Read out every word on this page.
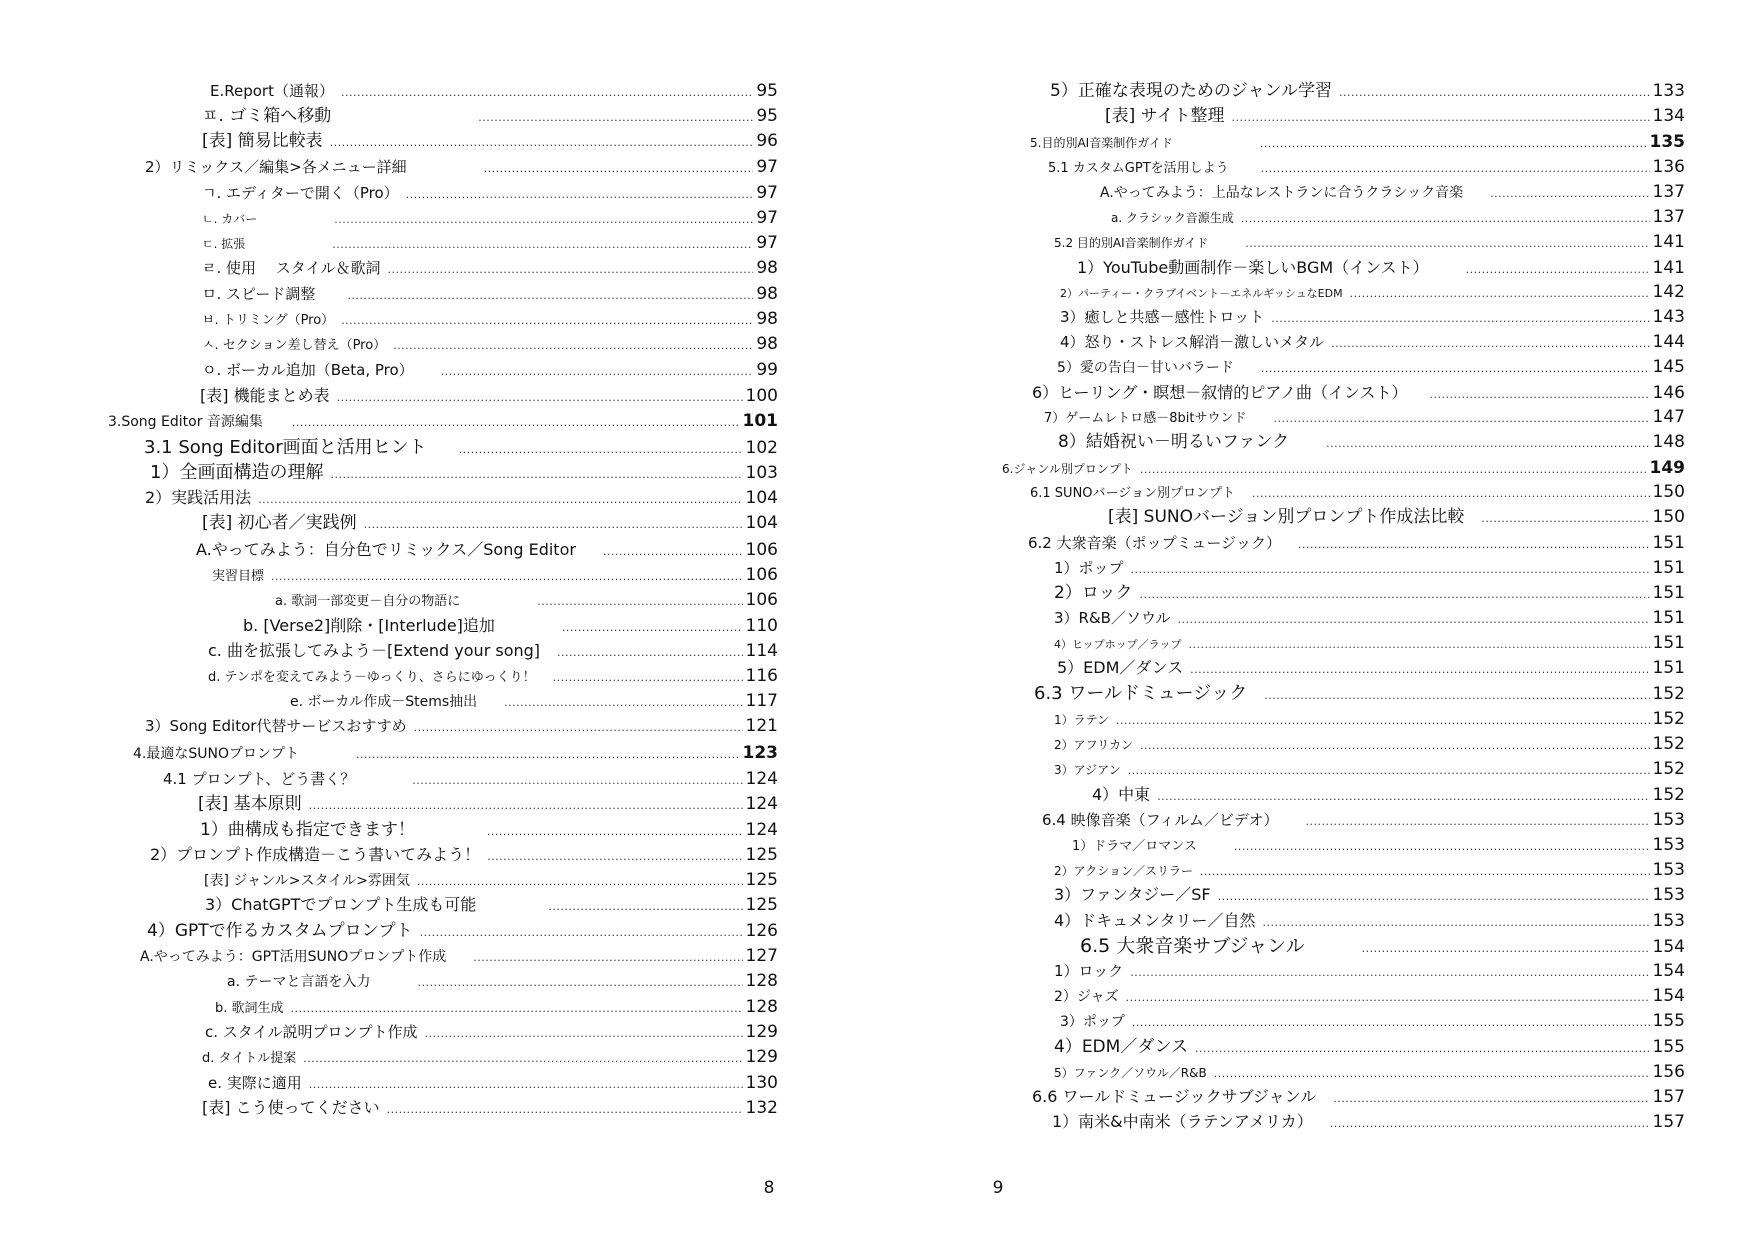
E.Report（通報） .....	95
ㅍ. ゴミ箱へ移動 .....	95
[表] 簡易比較表 .....	96
2）リミックス／編集>各メニュー詳細 .....	97
ㄱ. エディターで開く（Pro） .....	97
ㄴ. カバー .....	97
ㄷ. 拡張 .....	97
ㄹ. 使用　 スタイル＆歌詞 .....	98
ㅁ. スピード調整 .....	98
ㅂ. トリミング（Pro） .....	98
ㅅ. セクション差し替え（Pro） .....	98
ㅇ. ボーカル追加（Beta, Pro） .....	99
[表] 機能まとめ表 .....	100
3.Song Editor 音源編集 .....	101
3.1 Song Editor画面と活用ヒント .....	102
1）全画面構造の理解 .....	103
2）実践活用法 .....	104
[表] 初心者／実践例 .....	104
A.やってみよう：自分色でリミックス／Song Editor .....	106
実習目標 .....	106
a. 歌詞一部変更－自分の物語に .....	106
b. [Verse2]削除・[Interlude]追加 .....	110
c. 曲を拡張してみよう－[Extend your song] .....	114
d. テンポを変えてみよう－ゆっくり、さらにゆっくり！ .....	116
e. ボーカル作成－Stems抽出 .....	117
3）Song Editor代替サービスおすすめ .....	121
4.最適なSUNOプロンプト .....	123
4.1 プロンプト、どう書く？ .....	124
[表] 基本原則 .....	124
1）曲構成も指定できます！ .....	124
2）プロンプト作成構造－こう書いてみよう！ .....	125
[表] ジャンル>スタイル>雰囲気 .....	125
3）ChatGPTでプロンプト生成も可能 .....	125
4）GPTで作るカスタムプロンプト .....	126
A.やってみよう：GPT活用SUNOプロンプト作成 .....	127
a. テーマと言語を入力 .....	128
b. 歌詞生成 .....	128
c. スタイル説明プロンプト作成 .....	129
d. タイトル提案 .....	129
e. 実際に適用 .....	130
[表] こう使ってください .....	132
8
5）正確な表現のためのジャンル学習 .....	133
[表] サイト整理 .....	134
5.目的別AI音楽制作ガイド .....	135
5.1 カスタムGPTを活用しよう .....	136
A.やってみよう：上品なレストランに合うクラシック音楽 .....	137
a. クラシック音源生成 .....	137
5.2 目的別AI音楽制作ガイド .....	141
1）YouTube動画制作－楽しいBGM（インスト） .....	141
2）パーティー・クラブイベント－エネルギッシュなEDM .....	142
3）癒しと共感－感性トロット .....	143
4）怒り・ストレス解消－激しいメタル .....	144
5）愛の告白－甘いバラード .....	145
6）ヒーリング・瞑想－叙情的ピアノ曲（インスト） .....	146
7）ゲームレトロ感－8bitサウンド .....	147
8）結婚祝い－明るいファンク .....	148
6.ジャンル別プロンプト .....	149
6.1 SUNOバージョン別プロンプト .....	150
[表] SUNOバージョン別プロンプト作成法比較 .....	150
6.2 大衆音楽（ポップミュージック） .....	151
1）ポップ .....	151
2）ロック .....	151
3）R&B／ソウル .....	151
4）ヒップホップ／ラップ .....	151
5）EDM／ダンス .....	151
6.3 ワールドミュージック .....	152
1）ラテン .....	152
2）アフリカン .....	152
3）アジアン .....	152
4）中東 .....	152
6.4 映像音楽（フィルム／ビデオ） .....	153
1）ドラマ／ロマンス .....	153
2）アクション／スリラー .....	153
3）ファンタジー／SF .....	153
4）ドキュメンタリー／自然 .....	153
6.5 大衆音楽サブジャンル .....	154
1）ロック .....	154
2）ジャズ .....	154
3）ポップ .....	155
4）EDM／ダンス .....	155
5）ファンク／ソウル／R&B .....	156
6.6 ワールドミュージックサブジャンル .....	157
1）南米&中南米（ラテンアメリカ） .....	157
9
